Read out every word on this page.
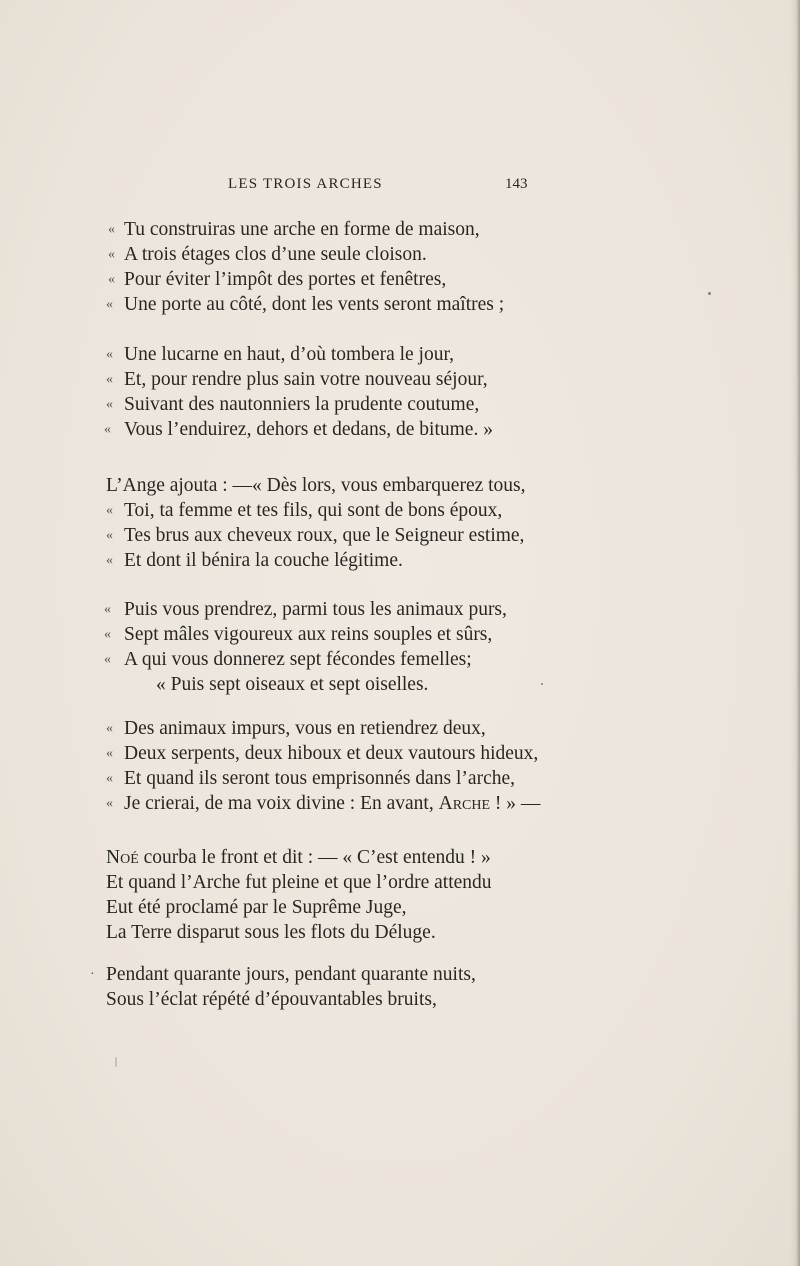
LES TROIS ARCHES	143
« Tu construiras une arche en forme de maison,
« A trois étages clos d’une seule cloison.
« Pour éviter l’impôt des portes et fenêtres,
« Une porte au côté, dont les vents seront maîtres ;
« Une lucarne en haut, d’où tombera le jour,
« Et, pour rendre plus sain votre nouveau séjour,
« Suivant des nautonniers la prudente coutume,
« Vous l’enduirez, dehors et dedans, de bitume. »
L’Ange ajouta : —« Dès lors, vous embarquerez tous,
« Toi, ta femme et tes fils, qui sont de bons époux,
« Tes brus aux cheveux roux, que le Seigneur estime,
« Et dont il bénira la couche légitime.
« Puis vous prendrez, parmi tous les animaux purs,
« Sept mâles vigoureux aux reins souples et sûrs,
« A qui vous donnerez sept fécondes femelles;
« Puis sept oiseaux et sept oiselles.
« Des animaux impurs, vous en retiendrez deux,
« Deux serpents, deux hiboux et deux vautours hideux,
« Et quand ils seront tous emprisonnés dans l’arche,
« Je crierai, de ma voix divine : En avant, Arche ! » —
Noé courba le front et dit : — « C’est entendu ! »
Et quand l’Arche fut pleine et que l’ordre attendu
Eut été proclamé par le Suprême Juge,
La Terre disparut sous les flots du Déluge.
· Pendant quarante jours, pendant quarante nuits,
Sous l’éclat répété d’épouvantables bruits,
